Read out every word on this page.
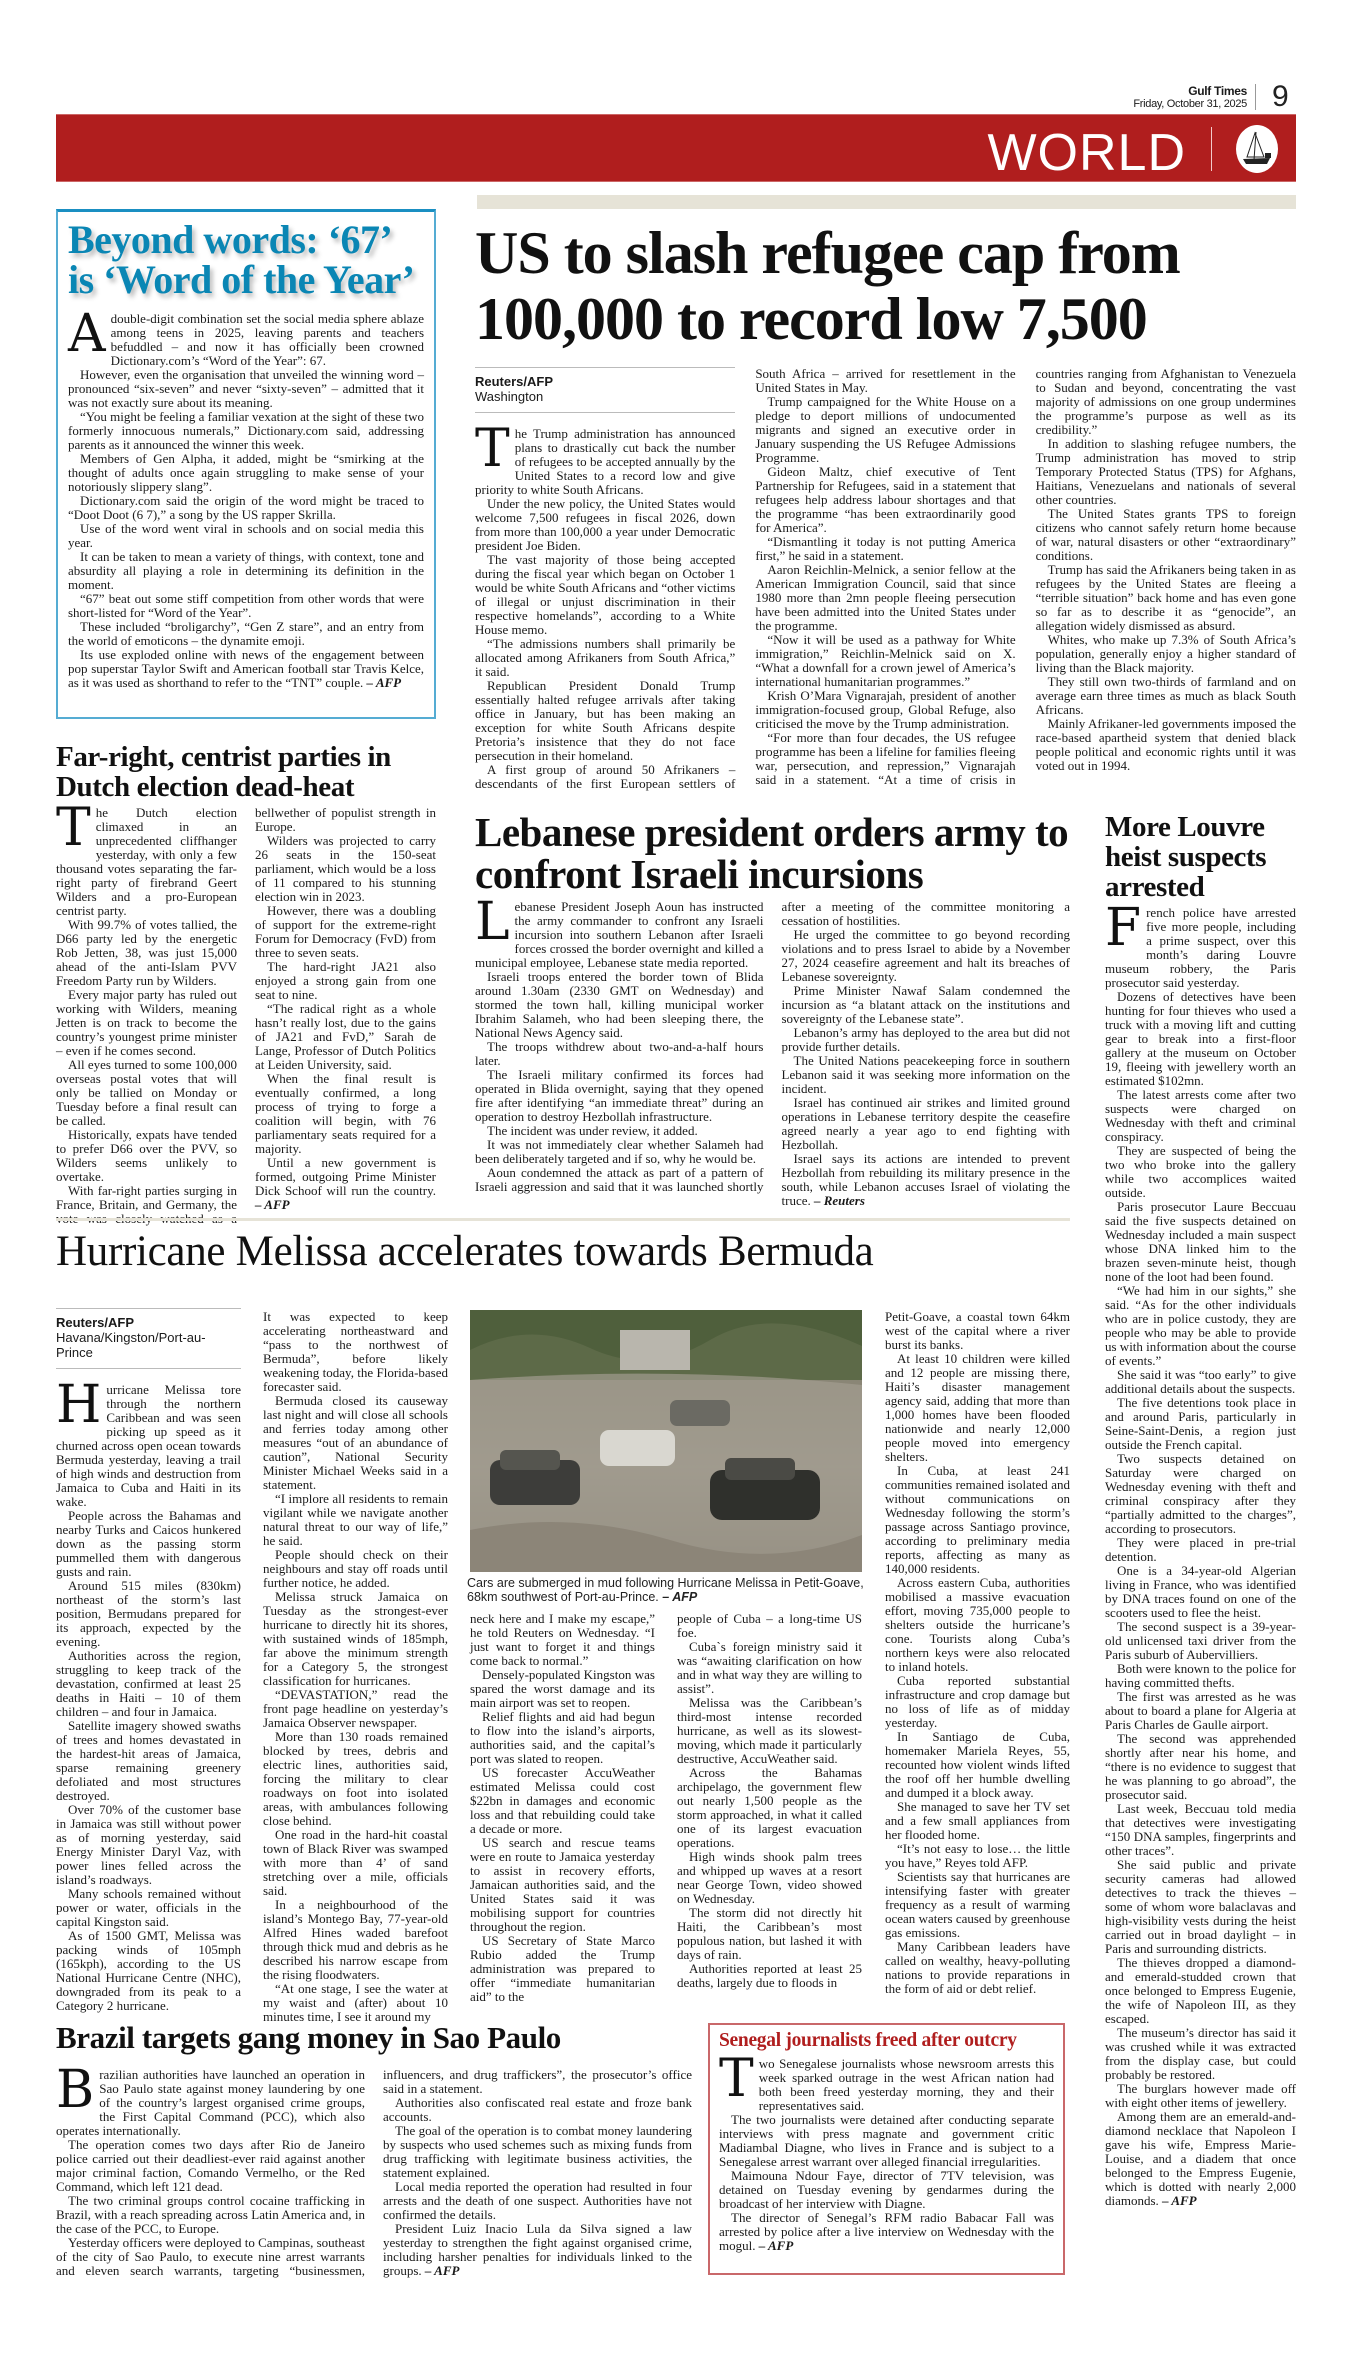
Gulf Times
Friday, October 31, 2025 9
WORLD
Beyond words: ‘67’ is ‘Word of the Year’

Adouble-digit combination set the social media sphere ablaze among teens in 2025, leaving parents and teachers befuddled – and now it has officially been crowned Dictionary.com’s “Word of the Year”: 67.

However, even the organisation that unveiled the winning word – pronounced “six-seven” and never “sixty-seven” – admitted that it was not exactly sure about its meaning.

“You might be feeling a familiar vexation at the sight of these two formerly innocuous numerals,” Dictionary.com said, addressing parents as it announced the winner this week.

Members of Gen Alpha, it added, might be “smirking at the thought of adults once again struggling to make sense of your notoriously slippery slang”.

Dictionary.com said the origin of the word might be traced to “Doot Doot (6 7),” a song by the US rapper Skrilla.

Use of the word went viral in schools and on social media this year.

It can be taken to mean a variety of things, with context, tone and absurdity all playing a role in determining its definition in the moment.

“67” beat out some stiff competition from other words that were short-listed for “Word of the Year”.

These included “broligarchy”, “Gen Z stare”, and an entry from the world of emoticons – the dynamite emoji.

Its use exploded online with news of the engagement between pop superstar Taylor Swift and American football star Travis Kelce, as it was used as shorthand to refer to the “TNT” couple. – AFP

US to slash refugee cap from
100,000 to record low 7,500
Reuters/AFP
Washington

The Trump administration has announced plans to drastically cut back the number of refugees to be accepted annually by the United States to a record low and give priority to white South Africans.

Under the new policy, the United States would welcome 7,500 refugees in fiscal 2026, down from more than 100,000 a year under Democratic president Joe Biden.

The vast majority of those being accepted during the fiscal year which began on October 1 would be white South Africans and “other victims of illegal or unjust discrimination in their respective homelands”, according to a White House memo.

“The admissions numbers shall primarily be allocated among Afrikaners from South Africa,” it said.

Republican President Donald Trump essentially halted refugee arrivals after taking office in January, but has been making an exception for white South Africans despite Pretoria’s insistence that they do not face persecution in their homeland.

A first group of around 50 Afrikaners – descendants of the first European settlers of South Africa – arrived for resettlement in the United States in May.

Trump campaigned for the White House on a pledge to deport millions of undocumented migrants and signed an executive order in January suspending the US Refugee Admissions Programme.

Gideon Maltz, chief executive of Tent Partnership for Refugees, said in a statement that refugees help address labour shortages and that the programme “has been extraordinarily good for America”.

“Dismantling it today is not putting America first,” he said in a statement.

Aaron Reichlin-Melnick, a senior fellow at the American Immigration Council, said that since 1980 more than 2mn people fleeing persecution have been admitted into the United States under the programme.

“Now it will be used as a pathway for White immigration,” Reichlin-Melnick said on X. “What a downfall for a crown jewel of America’s international humanitarian programmes.”

Krish O’Mara Vignarajah, president of another immigration-focused group, Global Refuge, also criticised the move by the Trump administration.

“For more than four decades, the US refugee programme has been a lifeline for families fleeing war, persecution, and repression,” Vignarajah said in a statement. “At a time of crisis in countries ranging from Afghanistan to Venezuela to Sudan and beyond, concentrating the vast majority of admissions on one group undermines the programme’s purpose as well as its credibility.”

In addition to slashing refugee numbers, the Trump administration has moved to strip Temporary Protected Status (TPS) for Afghans, Haitians, Venezuelans and nationals of several other countries.

The United States grants TPS to foreign citizens who cannot safely return home because of war, natural disasters or other “extraordinary” conditions.

Trump has said the Afrikaners being taken in as refugees by the United States are fleeing a “terrible situation” back home and has even gone so far as to describe it as “genocide”, an allegation widely dismissed as absurd.

Whites, who make up 7.3% of South Africa’s population, generally enjoy a higher standard of living than the Black majority.

They still own two-thirds of farmland and on average earn three times as much as black South Africans.

Mainly Afrikaner-led governments imposed the race-based apartheid system that denied black people political and economic rights until it was voted out in 1994.

Far-right, centrist parties in Dutch election dead-heat

The Dutch election climaxed in an unprecedented cliffhanger yesterday, with only a few thousand votes separating the far-right party of firebrand Geert Wilders and a pro-European centrist party.

With 99.7% of votes tallied, the D66 party led by the energetic Rob Jetten, 38, was just 15,000 ahead of the anti-Islam PVV Freedom Party run by Wilders.

Every major party has ruled out working with Wilders, meaning Jetten is on track to become the country’s youngest prime minister – even if he comes second.

All eyes turned to some 100,000 overseas postal votes that will only be tallied on Monday or Tuesday before a final result can be called.

Historically, expats have tended to prefer D66 over the PVV, so Wilders seems unlikely to overtake.

With far-right parties surging in France, Britain, and Germany, the bellwether of populist strength in Europe.

Wilders was projected to carry 26 seats in the 150-seat parliament, which would be a loss of 11 compared to his stunning election win in 2023.

However, there was a doubling of support for the extreme-right Forum for Democracy (FvD) from three to seven seats.

The hard-right JA21 also enjoyed a strong gain from one seat to nine.

“The radical right as a whole hasn’t really lost, due to the gains of JA21 and FvD,” Sarah de Lange, Professor of Dutch Politics at Leiden University, said.

When the final result is eventually confirmed, a long process of trying to forge a coalition will begin, with 76 parliamentary seats required for a majority.

Until a new government is formed, outgoing Prime Minister Dick Schoof will run the country. – AFP

Lebanese president orders army to confront Israeli incursions

Lebanese President Joseph Aoun has instructed the army commander to confront any Israeli incursion into southern Lebanon after Israeli forces crossed the border overnight and killed a municipal employee, Lebanese state media reported.

Israeli troops entered the border town of Blida around 1.30am (2330 GMT on Wednesday) and stormed the town hall, killing municipal worker Ibrahim Salameh, who had been sleeping there, the National News Agency said.

The troops withdrew about two-and-a-half hours later.

The Israeli military confirmed its forces had operated in Blida overnight, saying that they opened fire after identifying “an immediate threat” during an operation to destroy Hezbollah infrastructure.

The incident was under review, it added.

It was not immediately clear whether Salameh had been deliberately targeted and if so, why he would be.

Aoun condemned the attack as part of a pattern of Israeli aggression and said that it was launched shortly after a meeting of the committee monitoring a cessation of hostilities.

He urged the committee to go beyond recording violations and to press Israel to abide by a November 27, 2024 ceasefire agreement and halt its breaches of Lebanese sovereignty.

Prime Minister Nawaf Salam condemned the incursion as “a blatant attack on the institutions and sovereignty of the Lebanese state”.

Lebanon’s army has deployed to the area but did not provide further details.

The United Nations peacekeeping force in southern Lebanon said it was seeking more information on the incident.

Israel has continued air strikes and limited ground operations in Lebanese territory despite the ceasefire agreed nearly a year ago to end fighting with Hezbollah.

Israel says its actions are intended to prevent Hezbollah from rebuilding its military presence in the south, while Lebanon accuses Israel of violating the truce. – Reuters

More Louvre heist suspects arrested

French police have arrested five more people, including a prime suspect, over this month’s daring Louvre museum robbery, the Paris prosecutor said yesterday.

Dozens of detectives have been hunting for four thieves who used a truck with a moving lift and cutting gear to break into a first-floor gallery at the museum on October 19, fleeing with jewellery worth an estimated $102mn.

The latest arrests come after two suspects were charged on Wednesday with theft and criminal conspiracy.

They are suspected of being the two who broke into the gallery while two accomplices waited outside.

Paris prosecutor Laure Beccuau said the five suspects detained on Wednesday included a main suspect whose DNA linked him to the brazen seven-minute heist, though none of the loot had been found.

“We had him in our sights,” she said. “As for the other individuals who are in police custody, they are people who may be able to provide us with information about the course of events.”

She said it was “too early” to give additional details about the suspects.

The five detentions took place in and around Paris, particularly in Seine-Saint-Denis, a region just outside the French capital.

Two suspects detained on Saturday were charged on Wednesday evening with theft and criminal conspiracy after they “partially admitted to the charges”, according to prosecutors.

They were placed in pre-trial detention.

One is a 34-year-old Algerian living in France, who was identified by DNA traces found on one of the scooters used to flee the heist.

The second suspect is a 39-year-old unlicensed taxi driver from the Paris suburb of Aubervilliers.

Both were known to the police for having committed thefts.

The first was arrested as he was about to board a plane for Algeria at Paris Charles de Gaulle airport.

The second was apprehended shortly after near his home, and “there is no evidence to suggest that he was planning to go abroad”, the prosecutor said.

Last week, Beccuau told media that detectives were investigating “150 DNA samples, fingerprints and other traces”.

She said public and private security cameras had allowed detectives to track the thieves – some of whom wore balaclavas and high-visibility vests during the heist carried out in broad daylight – in Paris and surrounding districts.

The thieves dropped a diamond- and emerald-studded crown that once belonged to Empress Eugenie, the wife of Napoleon III, as they escaped.

The museum’s director has said it was crushed while it was extracted from the display case, but could probably be restored.

The burglars however made off with eight other items of jewellery.

Among them are an emerald-and-diamond necklace that Napoleon I gave his wife, Empress Marie-Louise, and a diadem that once belonged to the Empress Eugenie, which is dotted with nearly 2,000 diamonds. – AFP

Hurricane Melissa accelerates towards Bermuda
Reuters/AFP
Havana/Kingston/Port-au-Prince

Hurricane Melissa tore through the northern Caribbean and was seen picking up speed as it churned across open ocean towards Bermuda yesterday, leaving a trail of high winds and destruction from Jamaica to Cuba and Haiti in its wake.

People across the Bahamas and nearby Turks and Caicos hunkered down as the passing storm pummelled them with dangerous gusts and rain.

Around 515 miles (830km) northeast of the storm’s last position, Bermudans prepared for its approach, expected by the evening.

Authorities across the region, struggling to keep track of the devastation, confirmed at least 25 deaths in Haiti – 10 of them children – and four in Jamaica.

Satellite imagery showed swaths of trees and homes devastated in the hardest-hit areas of Jamaica, sparse remaining greenery defoliated and most structures destroyed.

Over 70% of the customer base in Jamaica was still without power as of morning yesterday, said Energy Minister Daryl Vaz, with power lines felled across the island’s roadways.

Many schools remained without power or water, officials in the capital Kingston said.

As of 1500 GMT, Melissa was packing winds of 105mph (165kph), according to the US National Hurricane Centre (NHC), downgraded from its peak to a Category 2 hurricane.

It was expected to keep accelerating northeastward and “pass to the northwest of Bermuda”, before likely weakening today, the Florida-based forecaster said.

Bermuda closed its causeway last night and will close all schools and ferries today among other measures “out of an abundance of caution”, National Security Minister Michael Weeks said in a statement.

“I implore all residents to remain vigilant while we navigate another natural threat to our way of life,” he said.

People should check on their neighbours and stay off roads until further notice, he added.

Melissa struck Jamaica on Tuesday as the strongest-ever hurricane to directly hit its shores, with sustained winds of 185mph, far above the minimum strength for a Category 5, the strongest classification for hurricanes.

“DEVASTATION,” read the front page headline on yesterday’s Jamaica Observer newspaper.

More than 130 roads remained blocked by trees, debris and electric lines, authorities said, forcing the military to clear roadways on foot into isolated areas, with ambulances following close behind.

One road in the hard-hit coastal town of Black River was swamped with more than 4’ of sand stretching over a mile, officials said.

In a neighbourhood of the island’s Montego Bay, 77-year-old Alfred Hines waded barefoot through thick mud and debris as he described his narrow escape from the rising floodwaters.

“At one stage, I see the water at my waist and (after) about 10 minutes time, I see it around my

neck here and I make my escape,” he told Reuters on Wednesday. “I just want to forget it and things come back to normal.”

Densely-populated Kingston was spared the worst damage and its main airport was set to reopen.

Relief flights and aid had begun to flow into the island’s airports, authorities said, and the capital’s port was slated to reopen.

US forecaster AccuWeather estimated Melissa could cost $22bn in damages and economic loss and that rebuilding could take a decade or more.

US search and rescue teams were en route to Jamaica yesterday to assist in recovery efforts, Jamaican authorities said, and the United States said it was mobilising support for countries throughout the region.

US Secretary of State Marco Rubio added the Trump administration was prepared to offer “immediate humanitarian aid” to the

people of Cuba – a long-time US foe.

Cuba`s foreign ministry said it was “awaiting clarification on how and in what way they are willing to assist”.

Melissa was the Caribbean’s third-most intense recorded hurricane, as well as its slowest-moving, which made it particularly destructive, AccuWeather said.

Across the Bahamas archipelago, the government flew out nearly 1,500 people as the storm approached, in what it called one of its largest evacuation operations.

High winds shook palm trees and whipped up waves at a resort near George Town, video showed on Wednesday.

The storm did not directly hit Haiti, the Caribbean’s most populous nation, but lashed it with days of rain.

Authorities reported at least 25 deaths, largely due to floods in

Petit-Goave, a coastal town 64km west of the capital where a river burst its banks.

At least 10 children were killed and 12 people are missing there, Haiti’s disaster management agency said, adding that more than 1,000 homes have been flooded nationwide and nearly 12,000 people moved into emergency shelters.

In Cuba, at least 241 communities remained isolated and without communications on Wednesday following the storm’s passage across Santiago province, according to preliminary media reports, affecting as many as 140,000 residents.

Across eastern Cuba, authorities mobilised a massive evacuation effort, moving 735,000 people to shelters outside the hurricane’s cone. Tourists along Cuba’s northern keys were also relocated to inland hotels.

Cuba reported substantial infrastructure and crop damage but no loss of life as of midday yesterday.

In Santiago de Cuba, homemaker Mariela Reyes, 55, recounted how violent winds lifted the roof off her humble dwelling and dumped it a block away.

She managed to save her TV set and a few small appliances from her flooded home.

“It’s not easy to lose… the little you have,” Reyes told AFP.

Scientists say that hurricanes are intensifying faster with greater frequency as a result of warming ocean waters caused by greenhouse gas emissions.

Many Caribbean leaders have called on wealthy, heavy-polluting nations to provide reparations in the form of aid or debt relief.

Cars are submerged in mud following Hurricane Melissa in Petit-Goave, 68km southwest of Port-au-Prince. – AFP
Brazil targets gang money in Sao Paulo

Brazilian authorities have launched an operation in Sao Paulo state against money laundering by one of the country’s largest organised crime groups, the First Capital Command (PCC), which also operates internationally.

The operation comes two days after Rio de Janeiro police carried out their deadliest-ever raid against another major criminal faction, Comando Vermelho, or the Red Command, which left 121 dead.

The two criminal groups control cocaine trafficking in Brazil, with a reach spreading across Latin America and, in the case of the PCC, to Europe.

Yesterday officers were deployed to Campinas, southeast of the city of Sao Paulo, to execute nine arrest warrants and eleven search warrants, targeting “businessmen, influencers, and drug traffickers”, the prosecutor’s office said in a statement.

Authorities also confiscated real estate and froze bank accounts.

The goal of the operation is to combat money laundering by suspects who used schemes such as mixing funds from drug trafficking with legitimate business activities, the statement explained.

Local media reported the operation had resulted in four arrests and the death of one suspect. Authorities have not confirmed the details.

President Luiz Inacio Lula da Silva signed a law yesterday to strengthen the fight against organised crime, including harsher penalties for individuals linked to the groups. – AFP

Senegal journalists freed after outcry

Two Senegalese journalists whose newsroom arrests this week sparked outrage in the west African nation had both been freed yesterday morning, they and their representatives said.

The two journalists were detained after conducting separate interviews with press magnate and government critic Madiambal Diagne, who lives in France and is subject to a Senegalese arrest warrant over alleged financial irregularities.

Maimouna Ndour Faye, director of 7TV television, was detained on Tuesday evening by gendarmes during the broadcast of her interview with Diagne.

The director of Senegal’s RFM radio Babacar Fall was arrested by police after a live interview on Wednesday with the mogul. – AFP
